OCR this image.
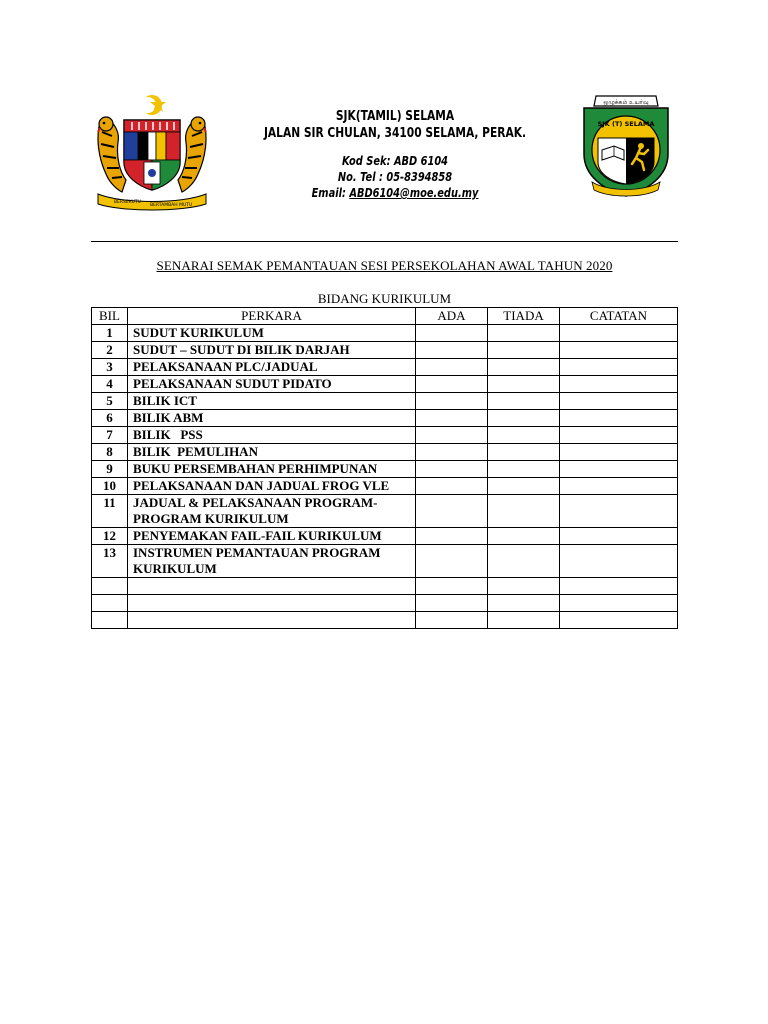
BERSEKUTU
BERTAMBAH MUTU
SJK(TAMIL) SELAMA
JALAN SIR CHULAN, 34100 SELAMA, PERAK.
Kod Sek: ABD 6104
No. Tel : 05-8394858
Email: ABD6104@moe.edu.my
ஒழுக்கம் உயர்வு
SJK (T) SELAMA
SENARAI SEMAK PEMANTAUAN SESI PERSEKOLAHAN AWAL TAHUN 2020
BIDANG KURIKULUM
BIL	PERKARA	ADA	TIADA	CATATAN
1	SUDUT KURIKULUM			
2	SUDUT – SUDUT DI BILIK DARJAH			
3	PELAKSANAAN PLC/JADUAL			
4	PELAKSANAAN SUDUT PIDATO			
5	BILIK ICT			
6	BILIK ABM			
7	BILIK   PSS			
8	BILIK  PEMULIHAN			
9	BUKU PERSEMBAHAN PERHIMPUNAN			
10	PELAKSANAAN DAN JADUAL FROG VLE			
11	JADUAL & PELAKSANAAN PROGRAM-PROGRAM KURIKULUM			
12	PENYEMAKAN FAIL-FAIL KURIKULUM			
13	INSTRUMEN PEMANTAUAN PROGRAM KURIKULUM			
